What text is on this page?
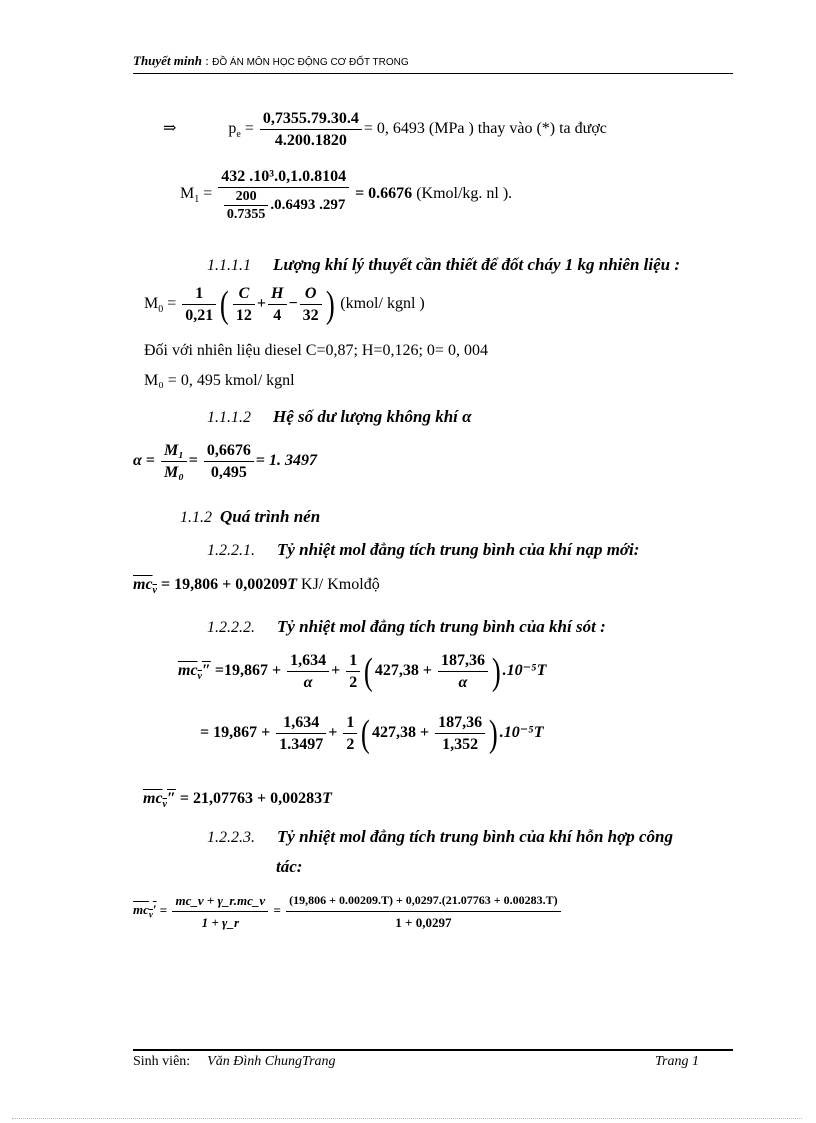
Thuyết minh : ĐỒ ÁN MÔN HỌC ĐỘNG CƠ ĐỐT TRONG
⇒	$p_e = \frac{0,7355.79.30.4}{4.200.1820} = 0$, 6493 (MPa ) thay vào (*) ta được
$M_1 = \frac{\text{432 .10³.0,1.0.8104}}{\frac{200}{0.7355} .0.6493 .297} = 0.6676$ (Kmol/kg. nl ).
1.1.1.1 Lượng khí lý thuyết cần thiết để đốt cháy 1 kg nhiên liệu :
$M_0 = \frac{1}{0,21}$ ( $\frac{C}{12} + \frac{H}{4} - \frac{O}{32}$ ) (kmol/ kgnl )
Đối với nhiên liệu diesel C=0,87; H=0,126; 0= 0, 004
M₀ = 0, 495 kmol/ kgnl
1.1.1.2 Hệ số dư lượng không khí α
$\alpha = \frac{\text{M₁}}{\text{M₀}} = \frac{0,6676}{0,495} = 1$. 3497
1.1.2 Quá trình nén
1.2.2.1. Tỷ nhiệt mol đẳng tích trung bình của khí nạp mới:
$mc_v = 19,806 + 0,00209T$ KJ/ Kmolđộ
1.2.2.2. Tỷ nhiệt mol đẳng tích trung bình của khí sót :
$mc_v'' =19,867 + \frac{1,634}{\alpha} + \frac{1}{2}$ ( $427,38 + \frac{187,36}{\alpha}$ ) .10⁻⁵T
= $19,867 + \frac{1,634}{1.3497} + \frac{1}{2}$ ( $427,38 + \frac{187,36}{1,352}$ ) .10⁻⁵T
$mc_v'' = 21,07763 + 0,00283T$
1.2.2.3. Tỷ nhiệt mol đẳng tích trung bình của khí hỗn hợp công
tác:
$mc_v' = \frac{mc\_v + \gamma\_r.mc\_v}{1 + \gamma\_r} = \frac{(19,806 + 0.00209.T) + 0,0297.(21.07763 + 0.00283.T)}{1 + 0,0297}$
Sinh viên: Văn Đình ChungTrang	Trang 1
